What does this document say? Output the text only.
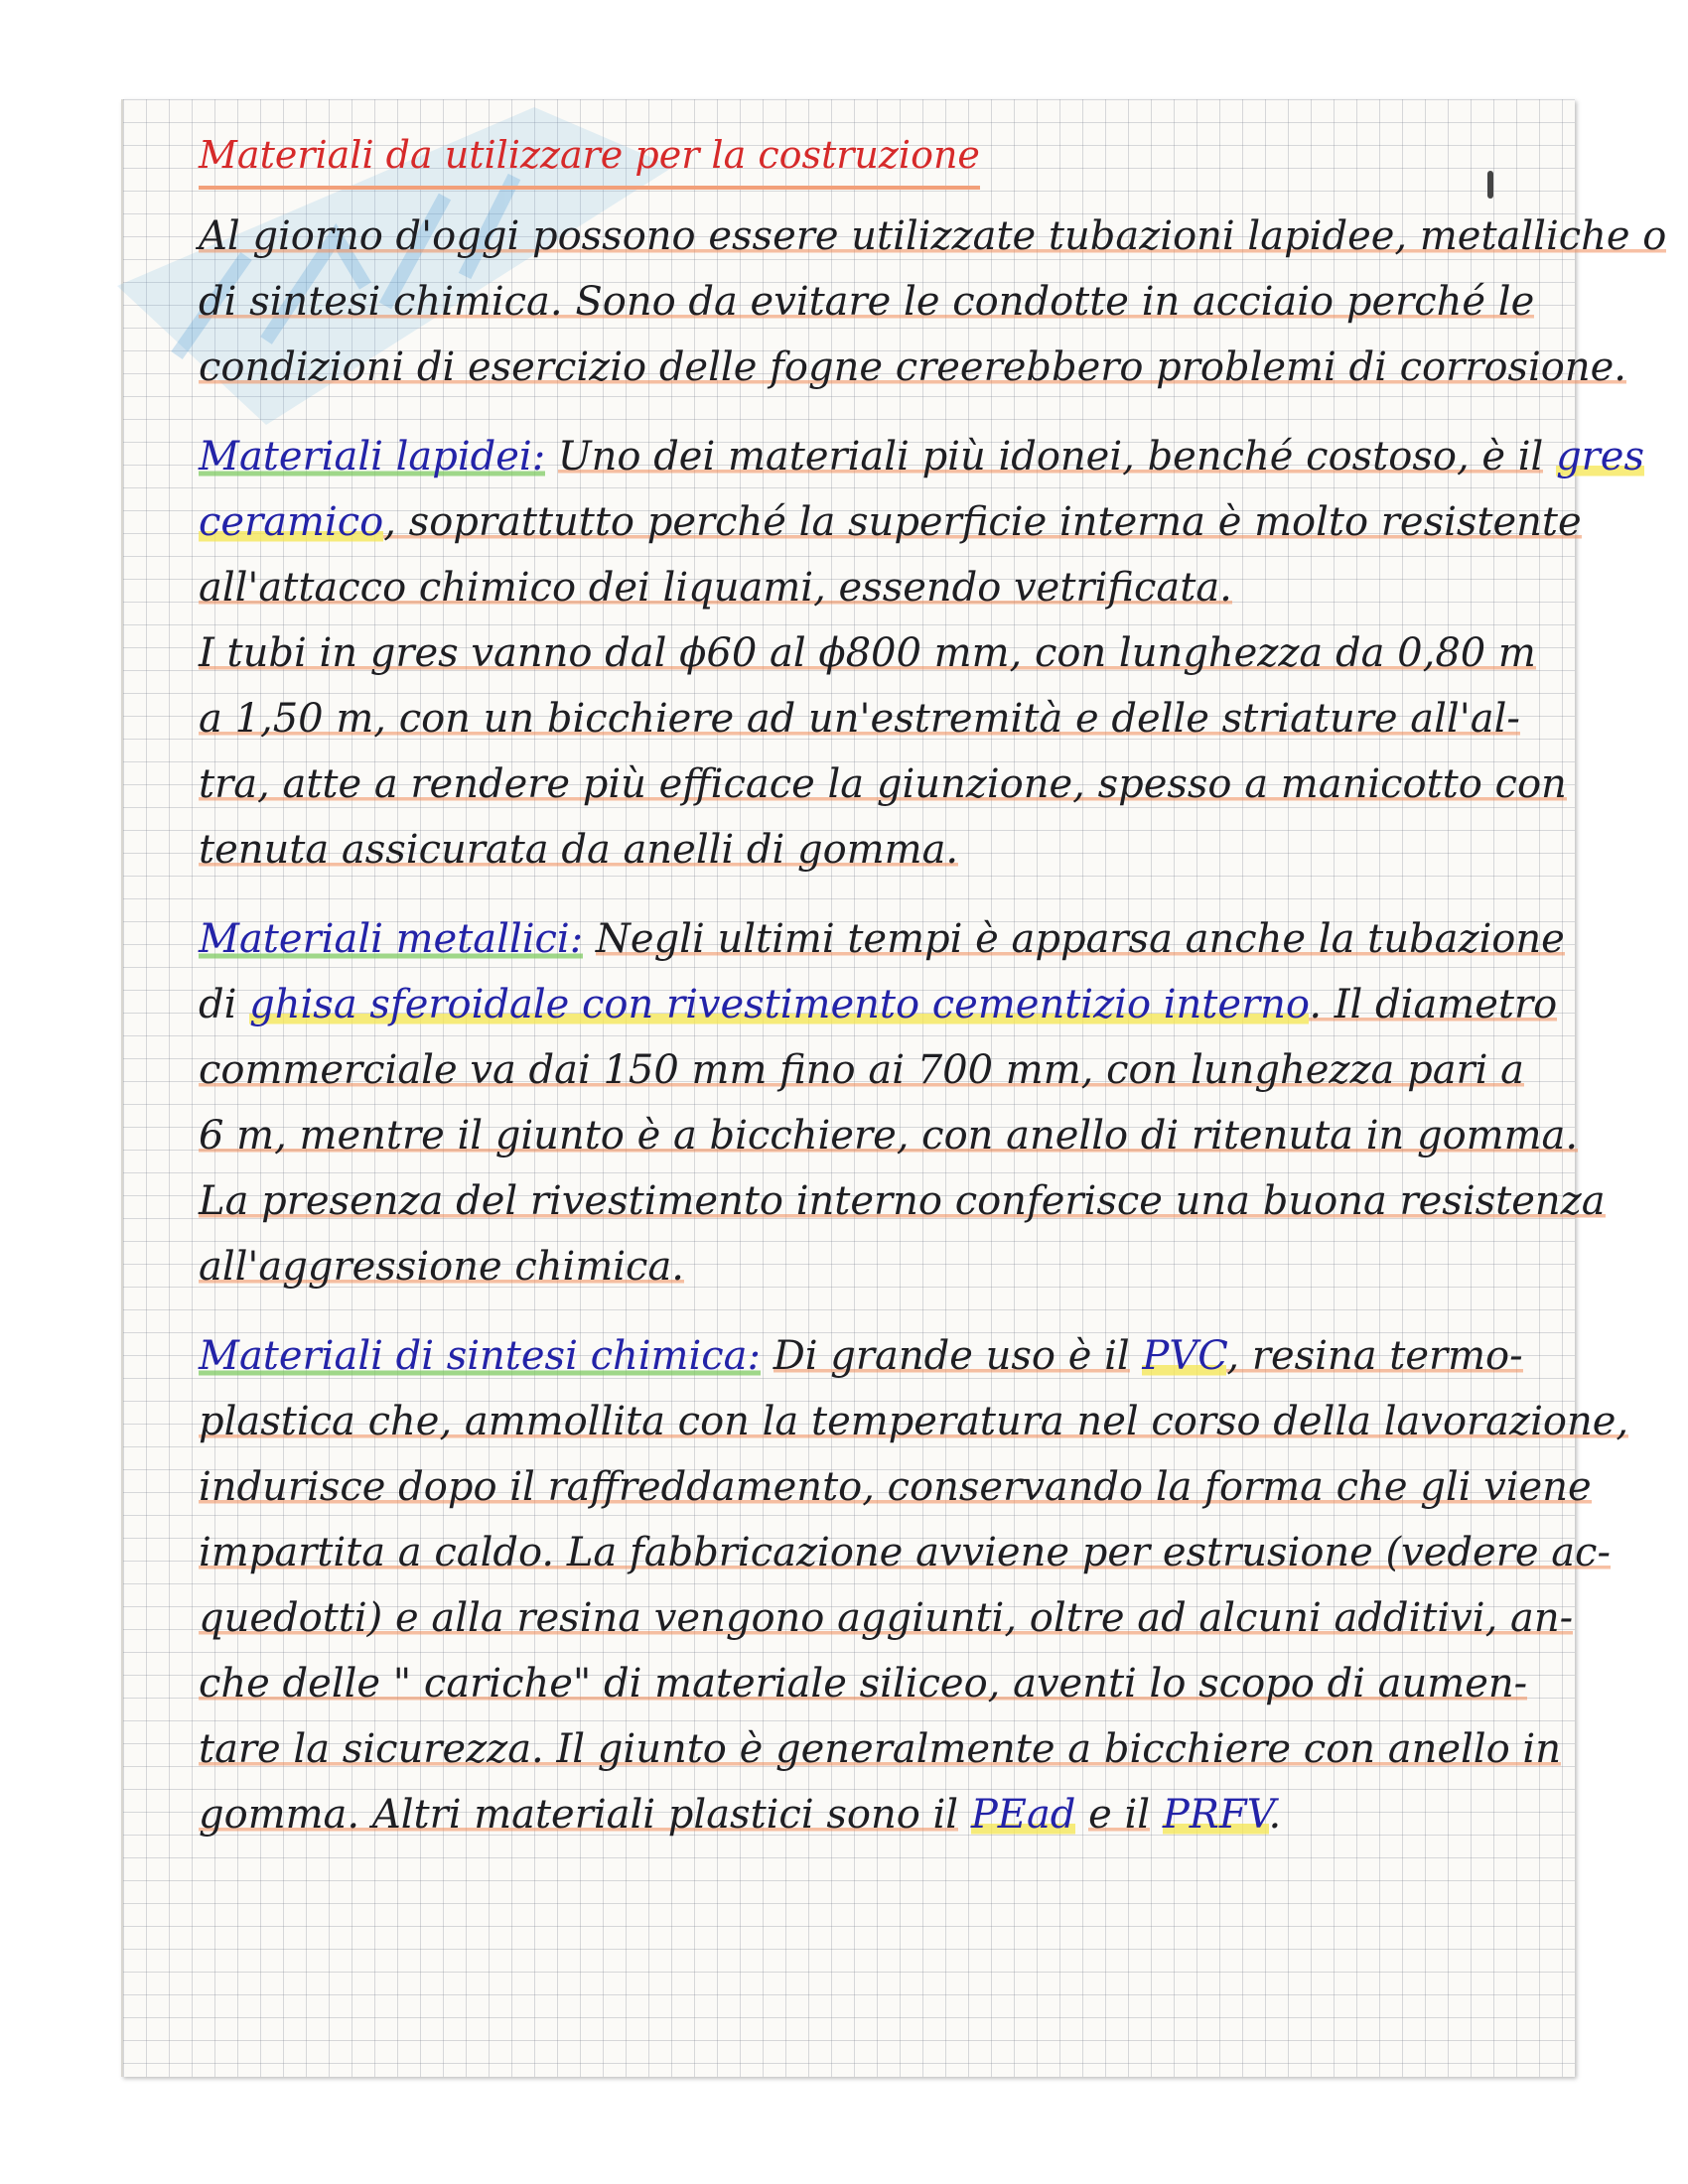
Materiali da utilizzare per la costruzione

Al giorno d'oggi possono essere utilizzate tubazioni lapidee, metalliche o

di sintesi chimica. Sono da evitare le condotte in acciaio perché le

condizioni di esercizio delle fogne creerebbero problemi di corrosione.

Materiali lapidei: Uno dei materiali più idonei, benché costoso, è il gres

ceramico, soprattutto perché la superficie interna è molto resistente

all'attacco chimico dei liquami, essendo vetrificata.

I tubi in gres vanno dal ϕ60 al ϕ800 mm, con lunghezza da 0,80 m

a 1,50 m, con un bicchiere ad un'estremità e delle striature all'al-

tra, atte a rendere più efficace la giunzione, spesso a manicotto con

tenuta assicurata da anelli di gomma.

Materiali metallici: Negli ultimi tempi è apparsa anche la tubazione

di ghisa sferoidale con rivestimento cementizio interno. Il diametro

commerciale va dai 150 mm fino ai 700 mm, con lunghezza pari a

6 m, mentre il giunto è a bicchiere, con anello di ritenuta in gomma.

La presenza del rivestimento interno conferisce una buona resistenza

all'aggressione chimica.

Materiali di sintesi chimica: Di grande uso è il PVC, resina termo-

plastica che, ammollita con la temperatura nel corso della lavorazione,

indurisce dopo il raffreddamento, conservando la forma che gli viene

impartita a caldo. La fabbricazione avviene per estrusione (vedere ac-

quedotti) e alla resina vengono aggiunti, oltre ad alcuni additivi, an-

che delle " cariche" di materiale siliceo, aventi lo scopo di aumen-

tare la sicurezza. Il giunto è generalmente a bicchiere con anello in

gomma. Altri materiali plastici sono il PEad e il PRFV.
